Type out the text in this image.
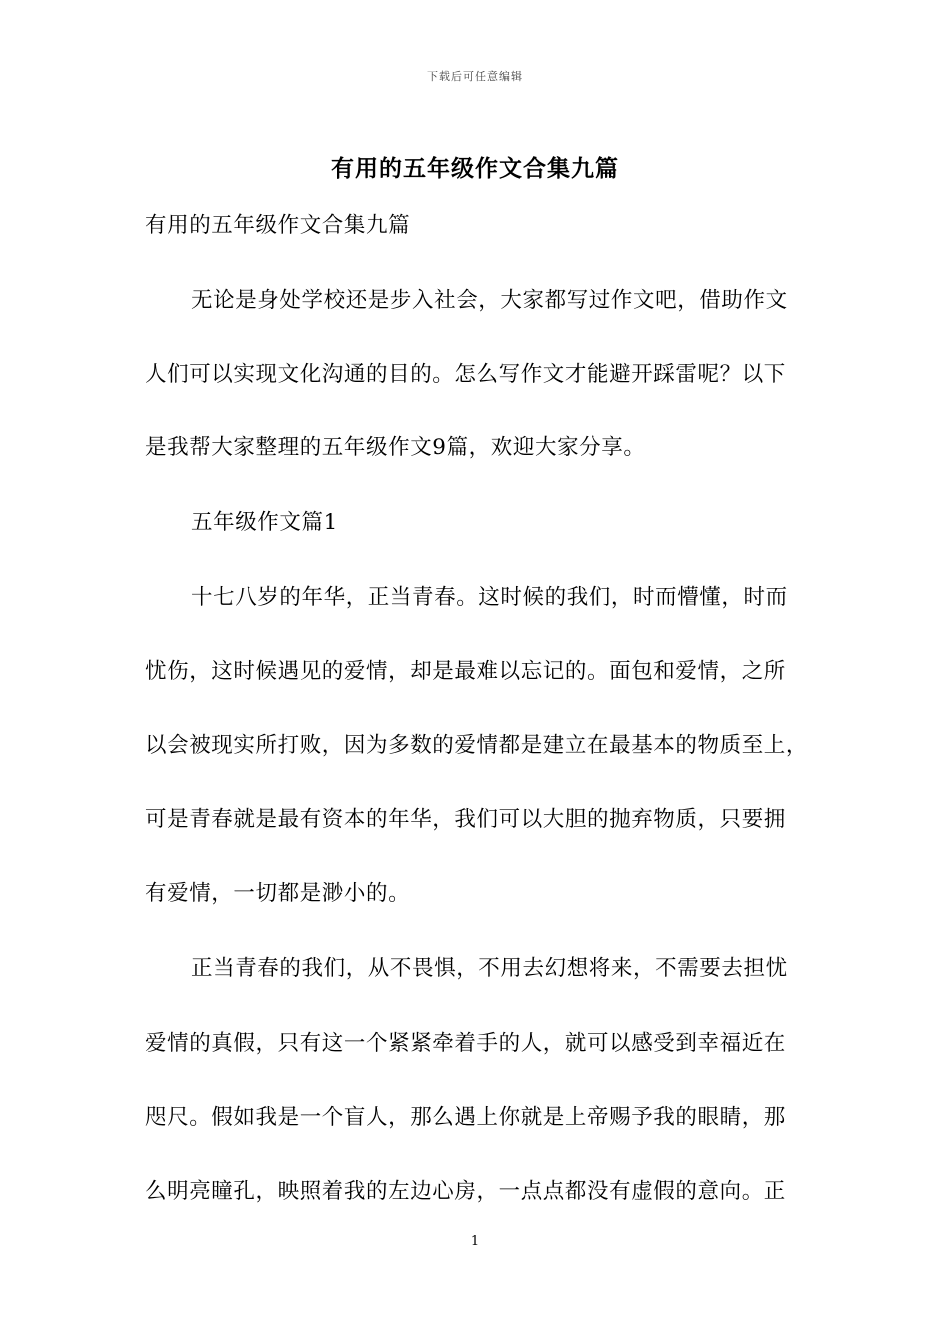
下载后可任意编辑
有用的五年级作文合集九篇
有用的五年级作文合集九篇
无论是身处学校还是步入社会，大家都写过作文吧，借助作文
人们可以实现文化沟通的目的。怎么写作文才能避开踩雷呢？以下
是我帮大家整理的五年级作文9篇，欢迎大家分享。
五年级作文篇1
十七八岁的年华，正当青春。这时候的我们，时而懵懂，时而
忧伤，这时候遇见的爱情，却是最难以忘记的。面包和爱情，之所
以会被现实所打败，因为多数的爱情都是建立在最基本的物质至上，
可是青春就是最有资本的年华，我们可以大胆的抛弃物质，只要拥
有爱情，一切都是渺小的。
正当青春的我们，从不畏惧，不用去幻想将来，不需要去担忧
爱情的真假，只有这一个紧紧牵着手的人，就可以感受到幸福近在
咫尺。假如我是一个盲人，那么遇上你就是上帝赐予我的眼睛，那
么明亮瞳孔，映照着我的左边心房，一点点都没有虚假的意向。正
1
